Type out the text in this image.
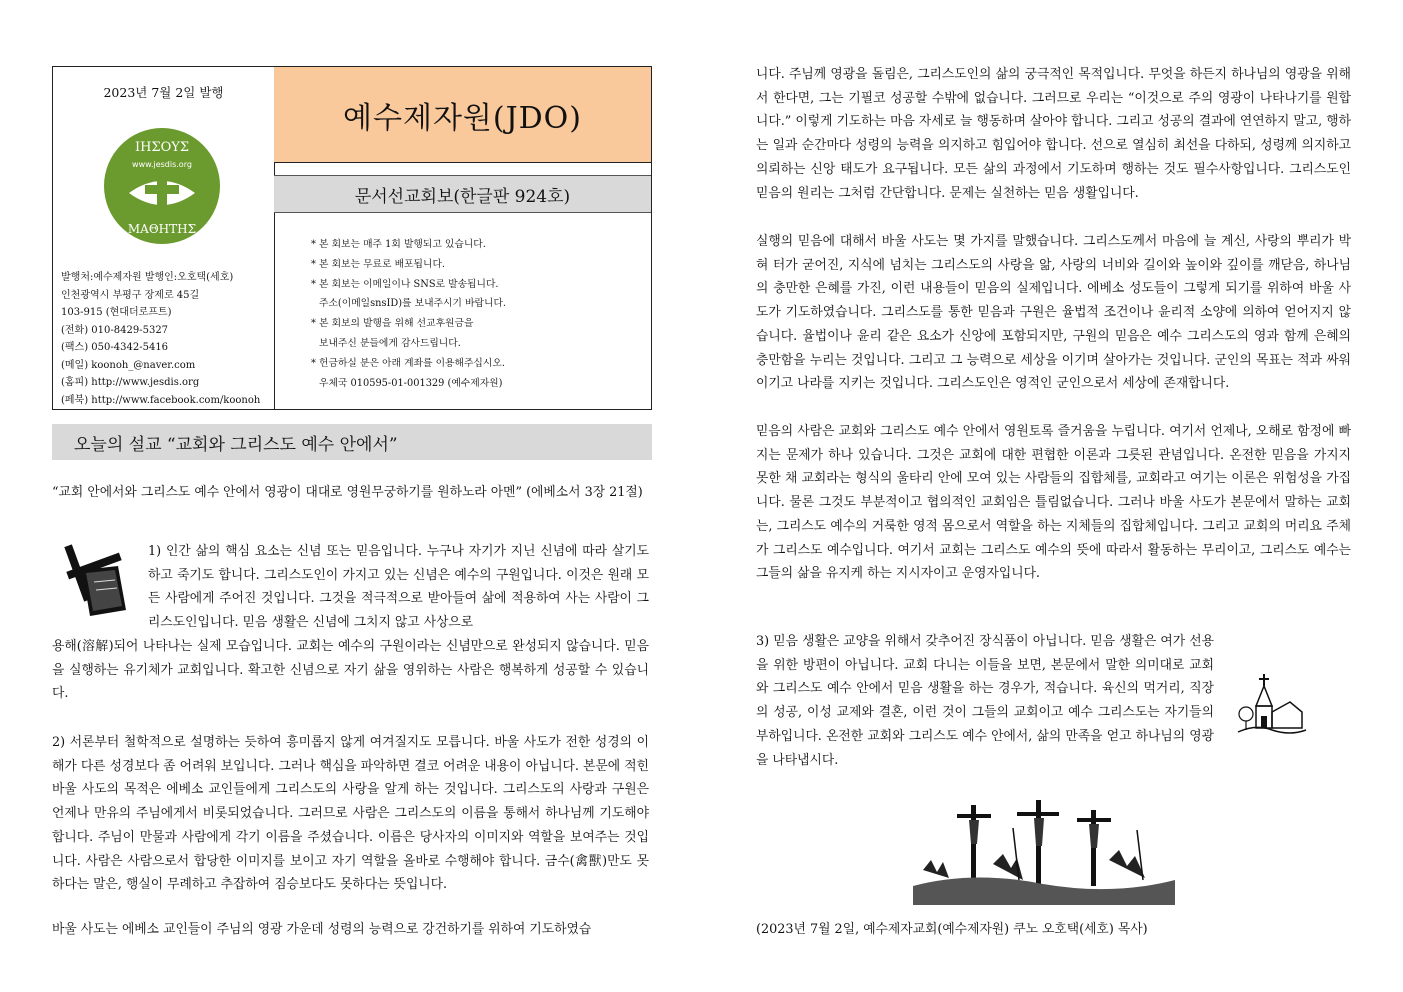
2023년 7월 2일 발행
ΙΗΣΟΥΣ
www.jesdis.org
ΜΑΘΗΤΗΣ
발행처:예수제자원 발행인:오호택(세호)
인천광역시 부평구 장제로 45길
103-915 (현대더로프트)
(전화) 010-8429-5327
(팩스) 050-4342-5416
(메일) koonoh_@naver.com
(홈피) http://www.jesdis.org
(페북) http://www.facebook.com/koonoh
예수제자원(JDO)
문서선교회보(한글판 924호)
* 본 회보는 매주 1회 발행되고 있습니다.
* 본 회보는 무료로 배포됩니다.
* 본 회보는 이메일이나 SNS로 발송됩니다.
주소(이메일snsID)를 보내주시기 바랍니다.
* 본 회보의 발행을 위해 선교후원금을
보내주신 분들에게 감사드립니다.
* 헌금하실 분은 아래 계좌를 이용해주십시오.
우체국 010595-01-001329 (예수제자원)
오늘의 설교 “교회와 그리스도 예수 안에서”

“교회 안에서와 그리스도 예수 안에서 영광이 대대로 영원무궁하기를 원하노라 아멘” (에베소서 3장 21절)

1) 인간 삶의 핵심 요소는 신념 또는 믿음입니다. 누구나 자기가 지닌 신념에 따라 살기도 하고 죽기도 합니다. 그리스도인이 가지고 있는 신념은 예수의 구원입니다. 이것은 원래 모든 사람에게 주어진 것입니다. 그것을 적극적으로 받아들여 삶에 적용하여 사는 사람이 그리스도인입니다. 믿음 생활은 신념에 그치지 않고 사상으로

용해(溶解)되어 나타나는 실제 모습입니다. 교회는 예수의 구원이라는 신념만으로 완성되지 않습니다. 믿음을 실행하는 유기체가 교회입니다. 확고한 신념으로 자기 삶을 영위하는 사람은 행복하게 성공할 수 있습니다.

2) 서론부터 철학적으로 설명하는 듯하여 흥미롭지 않게 여겨질지도 모릅니다. 바울 사도가 전한 성경의 이해가 다른 성경보다 좀 어려워 보입니다. 그러나 핵심을 파악하면 결코 어려운 내용이 아닙니다. 본문에 적힌 바울 사도의 목적은 에베소 교인들에게 그리스도의 사랑을 알게 하는 것입니다. 그리스도의 사랑과 구원은 언제나 만유의 주님에게서 비롯되었습니다. 그러므로 사람은 그리스도의 이름을 통해서 하나님께 기도해야 합니다. 주님이 만물과 사람에게 각기 이름을 주셨습니다. 이름은 당사자의 이미지와 역할을 보여주는 것입니다. 사람은 사람으로서 합당한 이미지를 보이고 자기 역할을 올바로 수행해야 합니다. 금수(禽獸)만도 못하다는 말은, 행실이 무례하고 추잡하여 짐승보다도 못하다는 뜻입니다.

바울 사도는 에베소 교인들이 주님의 영광 가운데 성령의 능력으로 강건하기를 위하여 기도하였습

니다. 주님께 영광을 돌림은, 그리스도인의 삶의 궁극적인 목적입니다. 무엇을 하든지 하나님의 영광을 위해서 한다면, 그는 기필코 성공할 수밖에 없습니다. 그러므로 우리는 “이것으로 주의 영광이 나타나기를 원합니다.” 이렇게 기도하는 마음 자세로 늘 행동하며 살아야 합니다. 그리고 성공의 결과에 연연하지 말고, 행하는 일과 순간마다 성령의 능력을 의지하고 힘입어야 합니다. 선으로 열심히 최선을 다하되, 성령께 의지하고 의뢰하는 신앙 태도가 요구됩니다. 모든 삶의 과정에서 기도하며 행하는 것도 필수사항입니다. 그리스도인 믿음의 원리는 그처럼 간단합니다. 문제는 실천하는 믿음 생활입니다.

실행의 믿음에 대해서 바울 사도는 몇 가지를 말했습니다. 그리스도께서 마음에 늘 계신, 사랑의 뿌리가 박혀 터가 굳어진, 지식에 넘치는 그리스도의 사랑을 앎, 사랑의 너비와 길이와 높이와 깊이를 깨닫음, 하나님의 충만한 은혜를 가진, 이런 내용들이 믿음의 실제입니다. 에베소 성도들이 그렇게 되기를 위하여 바울 사도가 기도하였습니다. 그리스도를 통한 믿음과 구원은 율법적 조건이나 윤리적 소양에 의하여 얻어지지 않습니다. 율법이나 윤리 같은 요소가 신앙에 포함되지만, 구원의 믿음은 예수 그리스도의 영과 함께 은혜의 충만함을 누리는 것입니다. 그리고 그 능력으로 세상을 이기며 살아가는 것입니다. 군인의 목표는 적과 싸워 이기고 나라를 지키는 것입니다. 그리스도인은 영적인 군인으로서 세상에 존재합니다.

믿음의 사람은 교회와 그리스도 예수 안에서 영원토록 즐거움을 누립니다. 여기서 언제나, 오해로 함정에 빠지는 문제가 하나 있습니다. 그것은 교회에 대한 편협한 이론과 그릇된 관념입니다. 온전한 믿음을 가지지 못한 채 교회라는 형식의 울타리 안에 모여 있는 사람들의 집합체를, 교회라고 여기는 이론은 위험성을 가집니다. 물론 그것도 부분적이고 협의적인 교회임은 틀림없습니다. 그러나 바울 사도가 본문에서 말하는 교회는, 그리스도 예수의 거룩한 영적 몸으로서 역할을 하는 지체들의 집합체입니다. 그리고 교회의 머리요 주체가 그리스도 예수입니다. 여기서 교회는 그리스도 예수의 뜻에 따라서 활동하는 무리이고, 그리스도 예수는 그들의 삶을 유지케 하는 지시자이고 운영자입니다.

3) 믿음 생활은 교양을 위해서 갖추어진 장식품이 아닙니다. 믿음 생활은 여가 선용을 위한 방편이 아닙니다. 교회 다니는 이들을 보면, 본문에서 말한 의미대로 교회와 그리스도 예수 안에서 믿음 생활을 하는 경우가, 적습니다. 육신의 먹거리, 직장의 성공, 이성 교제와 결혼, 이런 것이 그들의 교회이고 예수 그리스도는 자기들의 부하입니다. 온전한 교회와 그리스도 예수 안에서, 삶의 만족을 얻고 하나님의 영광을 나타냅시다.

(2023년 7월 2일, 예수제자교회(예수제자원) 쿠노 오호택(세호) 목사)
